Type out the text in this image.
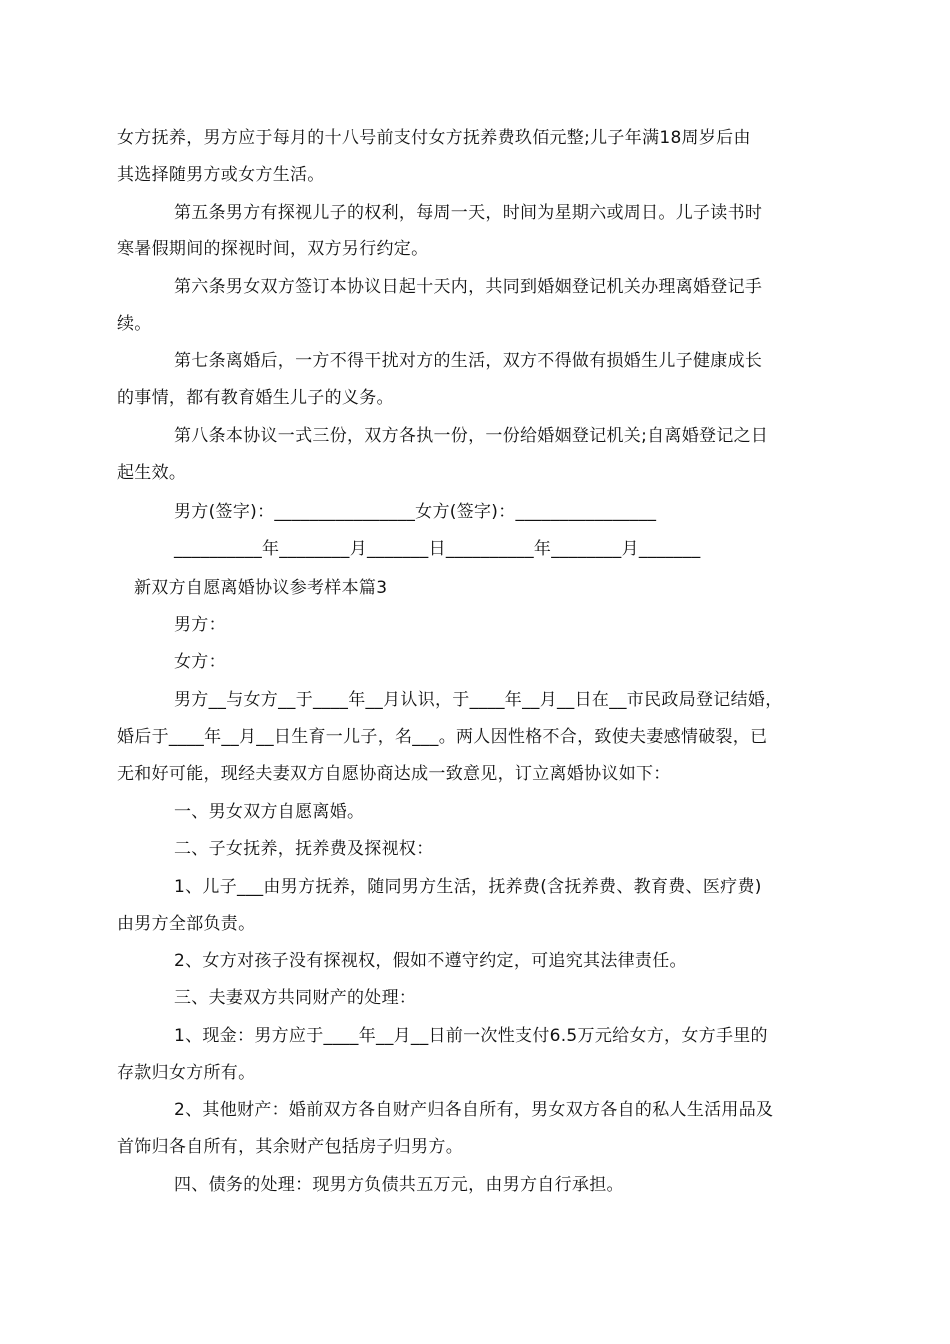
女方抚养，男方应于每月的十八号前支付女方抚养费玖佰元整;儿子年满18周岁后由
其选择随男方或女方生活。
第五条男方有探视儿子的权利，每周一天，时间为星期六或周日。儿子读书时
寒暑假期间的探视时间，双方另行约定。
第六条男女双方签订本协议日起十天内，共同到婚姻登记机关办理离婚登记手
续。
第七条离婚后，一方不得干扰对方的生活，双方不得做有损婚生儿子健康成长
的事情，都有教育婚生儿子的义务。
第八条本协议一式三份，双方各执一份，一份给婚姻登记机关;自离婚登记之日
起生效。
男方(签字)：________________女方(签字)：________________
__________年________月_______日__________年________月_______
新双方自愿离婚协议参考样本篇3
男方：
女方：
男方__与女方__于____年__月认识，于____年__月__日在__市民政局登记结婚，
婚后于____年__月__日生育一儿子，名___。两人因性格不合，致使夫妻感情破裂，已
无和好可能，现经夫妻双方自愿协商达成一致意见，订立离婚协议如下：
一、男女双方自愿离婚。
二、子女抚养，抚养费及探视权：
1、儿子___由男方抚养，随同男方生活，抚养费(含抚养费、教育费、医疗费)
由男方全部负责。
2、女方对孩子没有探视权，假如不遵守约定，可追究其法律责任。
三、夫妻双方共同财产的处理：
1、现金：男方应于____年__月__日前一次性支付6.5万元给女方，女方手里的
存款归女方所有。
2、其他财产：婚前双方各自财产归各自所有，男女双方各自的私人生活用品及
首饰归各自所有，其余财产包括房子归男方。
四、债务的处理：现男方负债共五万元，由男方自行承担。
